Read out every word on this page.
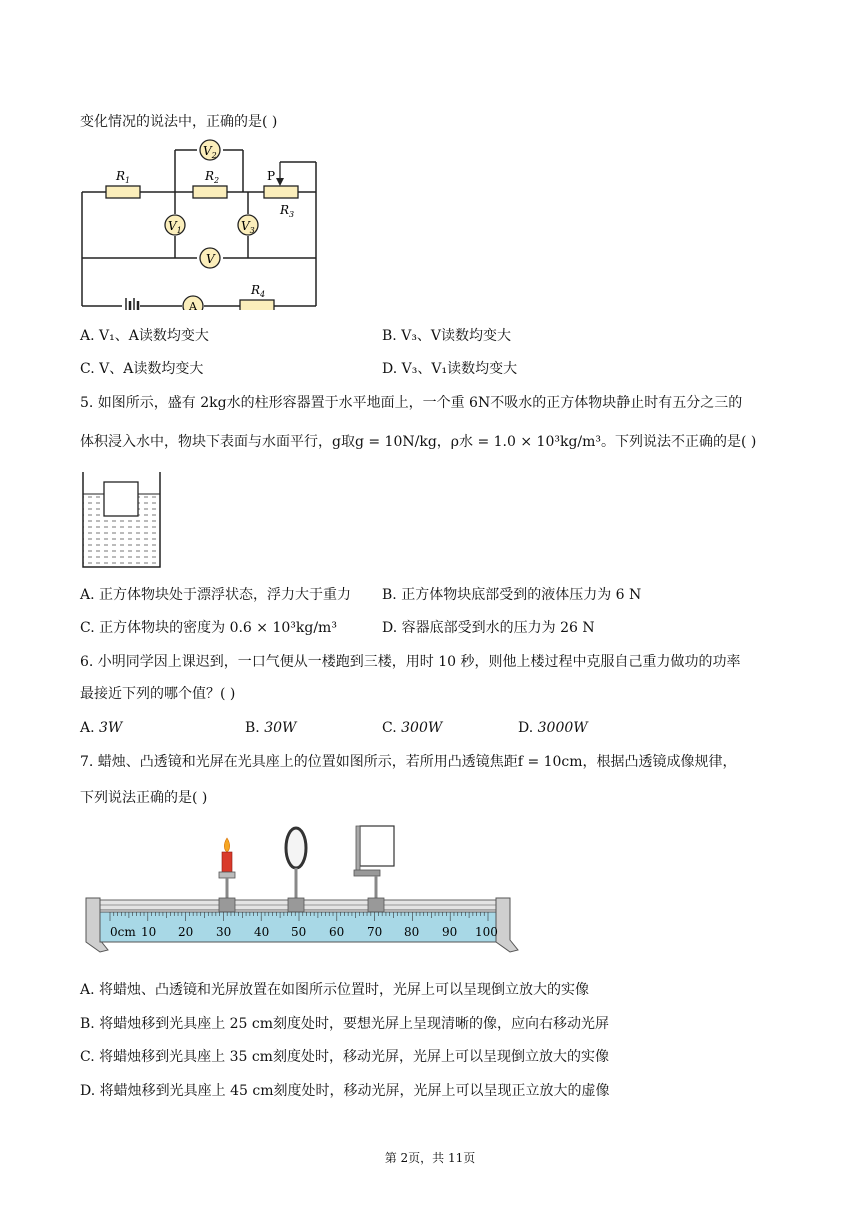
变化情况的说法中，正确的是( )
$V_2$
$V_1$	$V_3$
V
A
$R_1$	$R_2$
$R_3$
$R_4$
P
A. V₁、A读数均变大	B. V₃、V读数均变大
C. V、A读数均变大	D. V₃、V₁读数均变大
5. 如图所示，盛有 2kg水的柱形容器置于水平地面上，一个重 6N不吸水的正方体物块静止时有五分之三的
体积浸入水中，物块下表面与水面平行，g取g = 10N/kg，ρ水 = 1.0 × 10³kg/m³。下列说法不正确的是( )
A. 正方体物块处于漂浮状态，浮力大于重力 B. 正方体物块底部受到的液体压力为 6 N
C. 正方体物块的密度为 0.6 × 10³kg/m³	D. 容器底部受到水的压力为 26 N
6. 小明同学因上课迟到，一口气便从一楼跑到三楼，用时 10 秒，则他上楼过程中克服自己重力做功的功率
最接近下列的哪个值？( )
A. 3W	B. 30W	C. 300W	D. 3000W
7. 蜡烛、凸透镜和光屏在光具座上的位置如图所示，若所用凸透镜焦距f = 10cm，根据凸透镜成像规律，
下列说法正确的是( )
0cm 10 20 30 40 50 60 70 80 90 100
A. 将蜡烛、凸透镜和光屏放置在如图所示位置时，光屏上可以呈现倒立放大的实像
B. 将蜡烛移到光具座上 25 cm刻度处时，要想光屏上呈现清晰的像，应向右移动光屏
C. 将蜡烛移到光具座上 35 cm刻度处时，移动光屏，光屏上可以呈现倒立放大的实像
D. 将蜡烛移到光具座上 45 cm刻度处时，移动光屏，光屏上可以呈现正立放大的虚像
第 2页，共 11页
